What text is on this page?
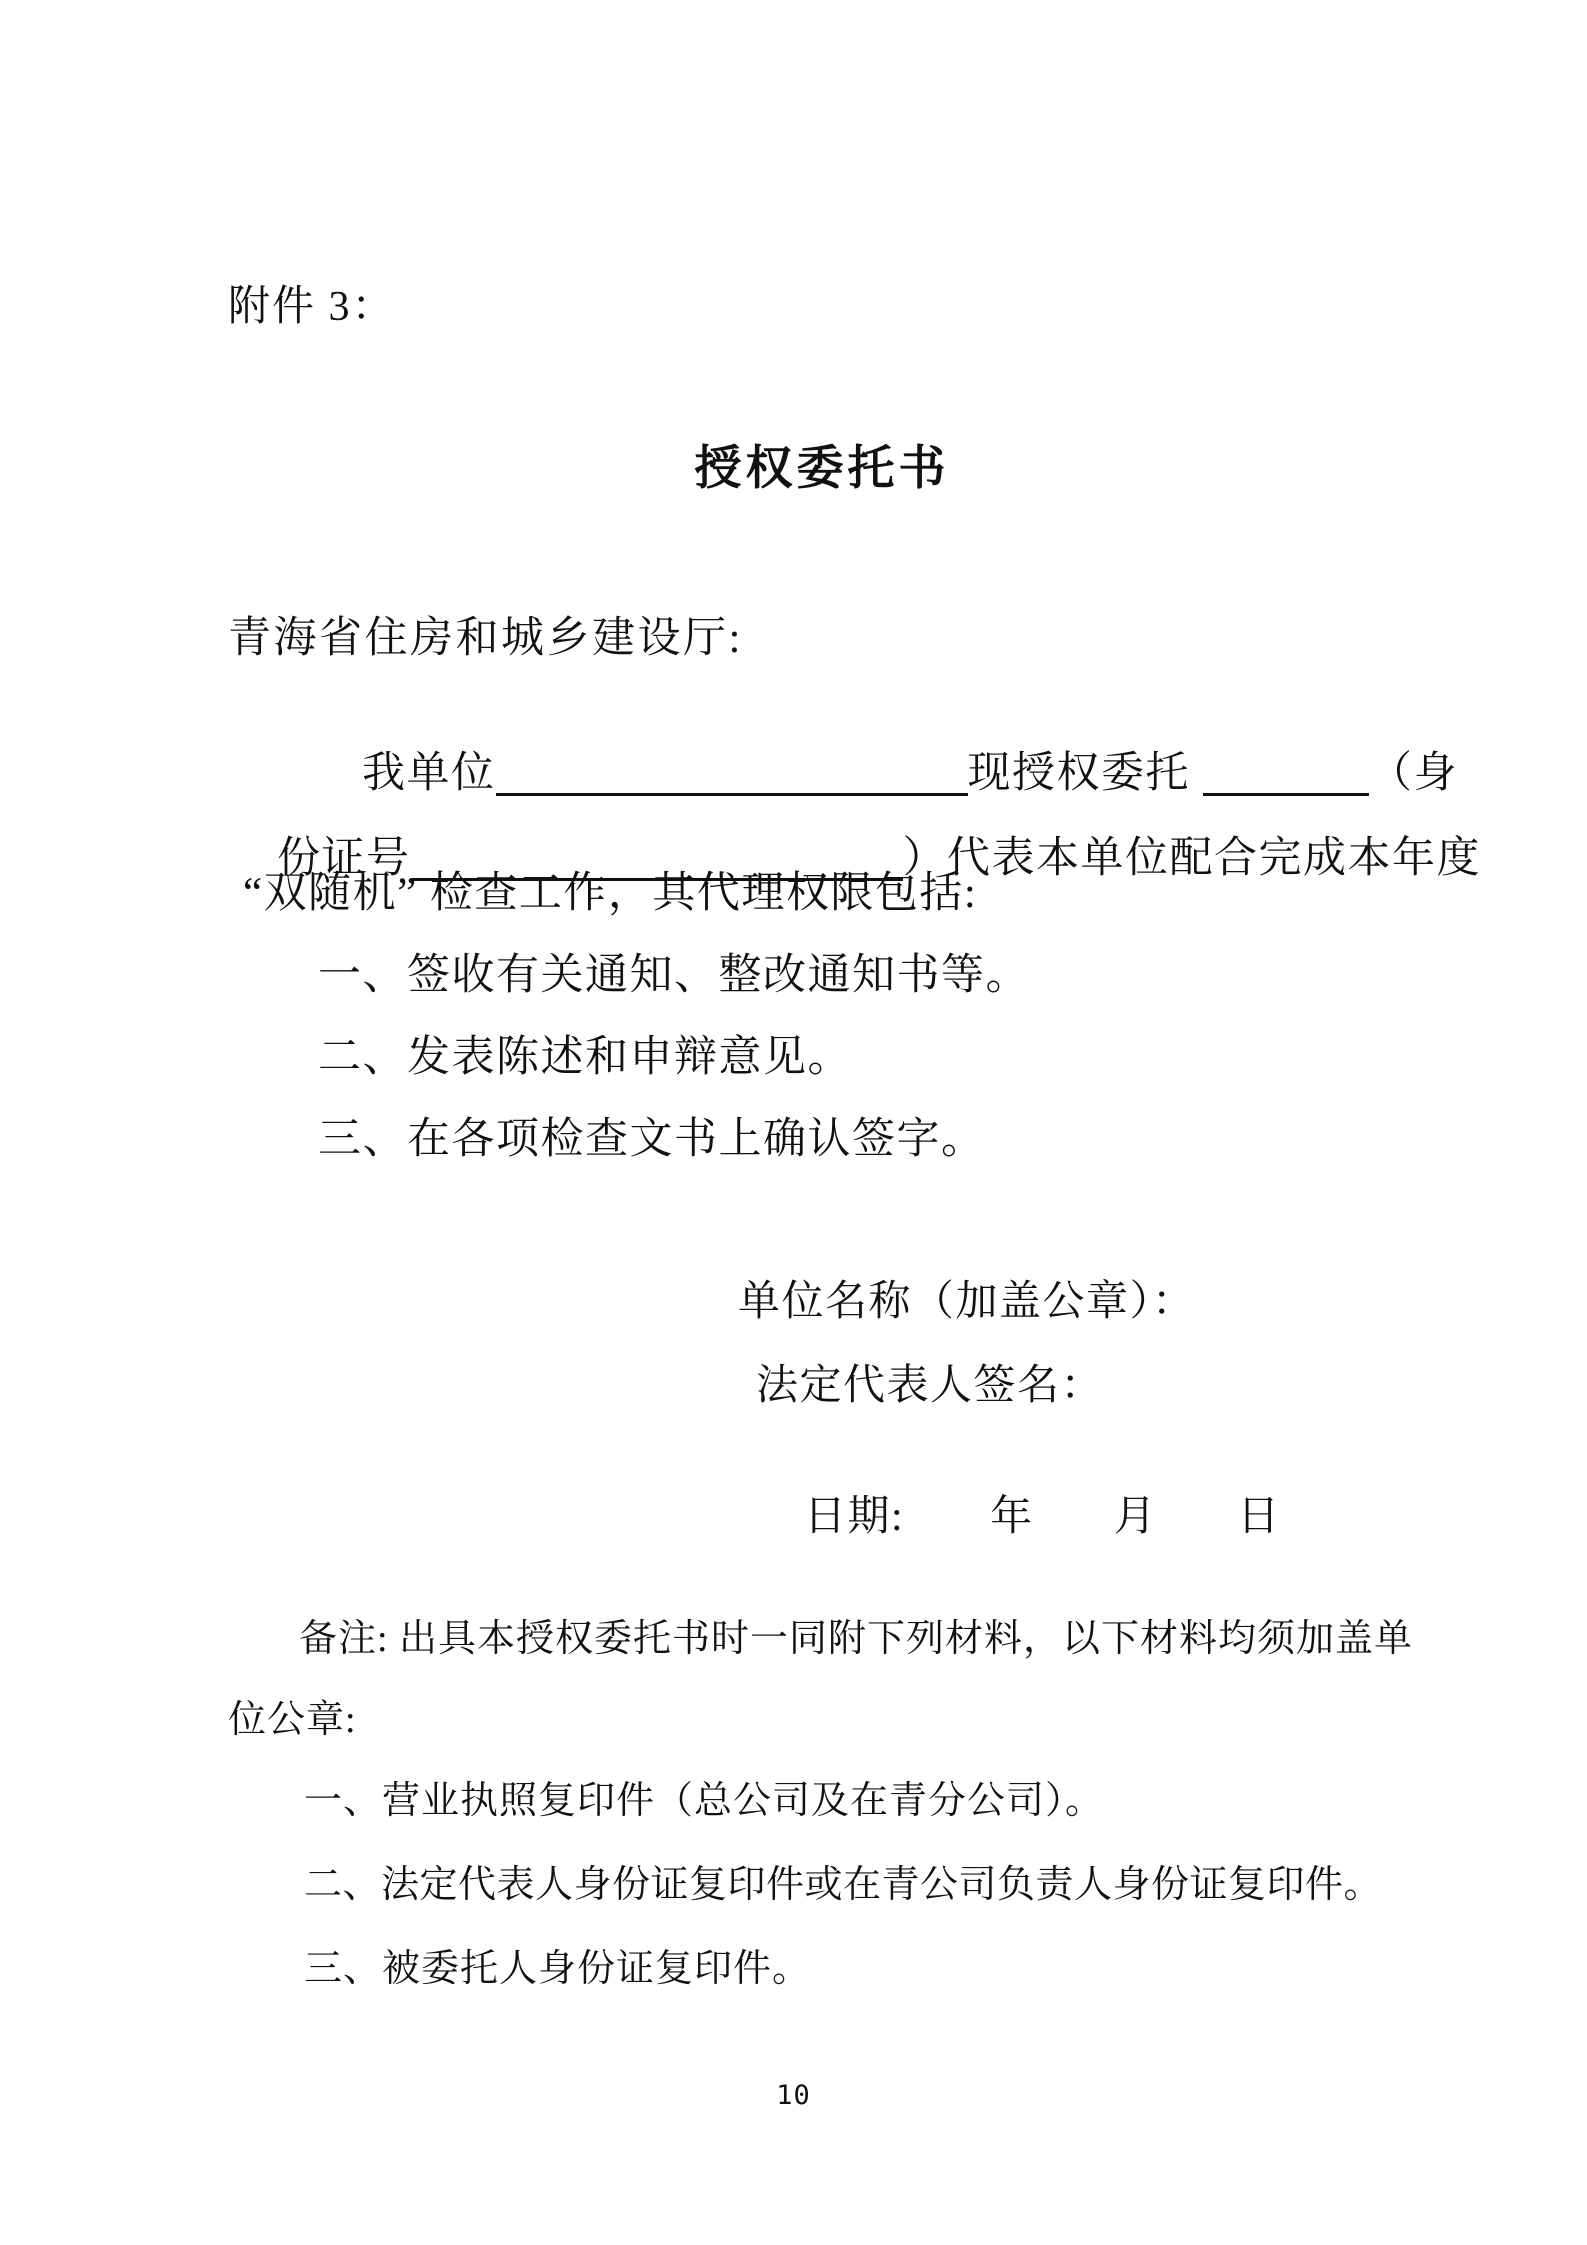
附件 3：
授权委托书
青海省住房和城乡建设厅:

我单位	现授权委托	（身

份证号	）代表本单位配合完成本年度

“双随机” 检查工作，其代理权限包括:
一、签收有关通知、整改通知书等。
二、发表陈述和申辩意见。
三、在各项检查文书上确认签字。
单位名称（加盖公章）：
法定代表人签名：

日期: 年 月 日

备注: 出具本授权委托书时一同附下列材料，以下材料均须加盖单
位公章:
一、营业执照复印件（总公司及在青分公司）。
二、法定代表人身份证复印件或在青公司负责人身份证复印件。
三、被委托人身份证复印件。
10
